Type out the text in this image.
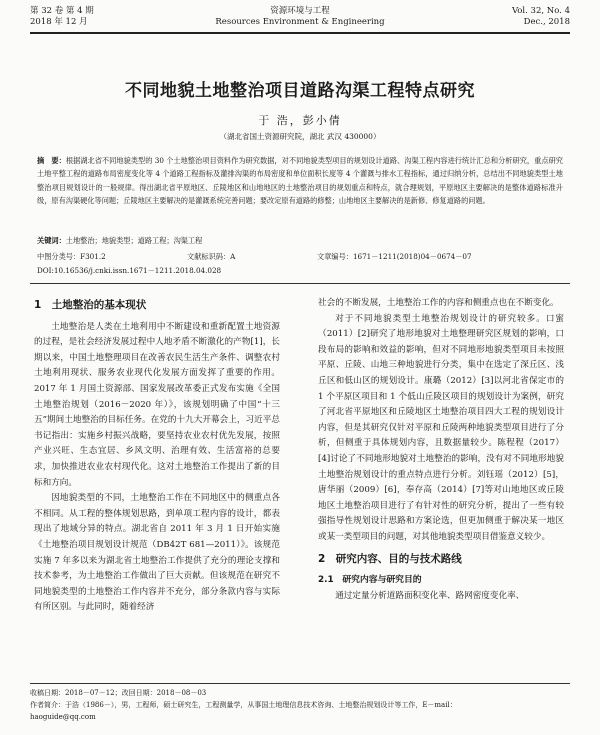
第 32 卷 第 4 期
2018 年 12 月
资源环境与工程
Resources Environment & Engineering
Vol. 32, No. 4
Dec., 2018
不同地貌土地整治项目道路沟渠工程特点研究
于 浩，彭小倩
（湖北省国土资源研究院，湖北 武汉 430000）
摘　要：根据湖北省不同地貌类型的 30 个土地整治项目资料作为研究数据，对不同地貌类型项目的规划设计道路、沟渠工程内容进行统计汇总和分析研究，重点研究土地平整工程的道路布局密度变化等 4 个道路工程指标及灌排沟渠的布局密度和单位面积长度等 4 个灌溉与排水工程指标，通过归纳分析，总结出不同地貌类型土地整治项目规划设计的一般规律。得出湖北省平原地区、丘陵地区和山地地区的土地整治项目的规划重点和特点，就合理规划，平原地区主要解决的是整体道路标准升级，原有沟渠硬化等问题；丘陵地区主要解决的是灌溉系统完善问题；要改定原有道路的修整；山地地区主要解决的是新修、修复道路的问题。
关键词：土地整治；地貌类型；道路工程；沟渠工程
中图分类号：F301.2	文献标识码：A	文章编号：1671－1211(2018)04－0674－07
DOI:10.16536/j.cnki.issn.1671－1211.2018.04.028
1　土地整治的基本现状

土地整治是人类在土地利用中不断建设和重新配置土地资源的过程，是社会经济发展过程中人地矛盾不断激化的产物[1]，长期以来，中国土地整理项目在改善农民生活生产条件、调整农村土地利用现状、服务农业现代化发展方面发挥了重要的作用。2017 年 1 月国土资源部、国家发展改革委正式发布实施《全国土地整治规划（2016－2020 年）》，该规划明确了中国“十三五”期间土地整治的目标任务。在党的十九大开幕会上，习近平总书记指出：实施乡村振兴战略，要坚持农业农村优先发展，按照产业兴旺、生态宜居、乡风文明、治理有效、生活富裕的总要求，加快推进农业农村现代化。这对土地整治工作提出了新的目标和方向。

因地貌类型的不同，土地整治工作在不同地区中的侧重点各不相同。从工程的整体规划思路，到单项工程内容的设计，都表现出了地域分异的特点。湖北省自 2011 年 3 月 1 日开始实施《土地整治项目规划设计规范（DB42T 681—2011）》。该规范实施 7 年多以来为湖北省土地整治工作提供了充分的理论支撑和技术参考，为土地整治工作做出了巨大贡献。但该规范在研究不同地貌类型的土地整治工作内容并不充分，部分条款内容与实际有所区别。与此同时，随着经济

社会的不断发展，土地整治工作的内容和侧重点也在不断变化。

对于不同地貌类型土地整治规划设计的研究较多。口蜜（2011）[2]研究了地形地貌对土地整理研究区规划的影响，口段布局的影响和效益的影响，但对不同地形地貌类型项目未按照平原、丘陵、山地三种地貌进行分类，集中在选定了深丘区、浅丘区和低山区的规划设计。康璐（2012）[3]以河北省保定市的 1 个平原区项目和 1 个低山丘陵区项目的规划设计为案例，研究了河北省平原地区和丘陵地区土地整治项目四大工程的规划设计内容，但是其研究仅针对平原和丘陵两种地貌类型项目进行了分析，但侧重于具体规划内容，且数据量较少。陈程程（2017）[4]讨论了不同地形地貌对土地整治的影响，没有对不同地形地貌土地整治规划设计的重点特点进行分析。刘钰瑶（2012）[5]，唐华丽（2009）[6]，奉存高（2014）[7]等对山地地区或丘陵地区土地整治项目进行了有针对性的研究分析，提出了一些有较强指导性规划设计思路和方案论选，但更加侧重于解决某一地区或某一类型项目的问题，对其他地貌类型项目借鉴意义较少。

2　研究内容、目的与技术路线
2.1　研究内容与研究目的

通过定量分析道路面积变化率、路网密度变化率、

收稿日期：2018－07－12；改回日期：2018－08－03
作者简介：于浩（1986－），男，工程师，硕士研究生，工程测量学，从事国土地理信息技术咨询、土地整治规划设计等工作，E－mail：
haoguide@qq.com
